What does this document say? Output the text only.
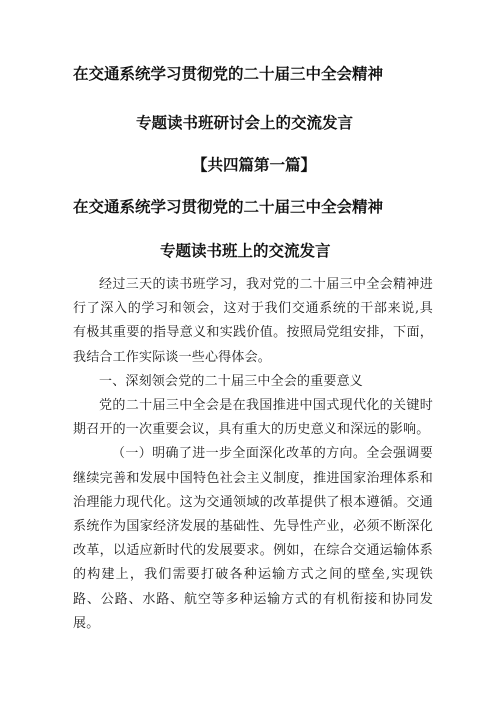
在交通系统学习贯彻党的二十届三中全会精神
专题读书班研讨会上的交流发言
【共四篇第一篇】
在交通系统学习贯彻党的二十届三中全会精神
专题读书班上的交流发言

经过三天的读书班学习，我对党的二十届三中全会精神进行了深入的学习和领会，这对于我们交通系统的干部来说,具有极其重要的指导意义和实践价值。按照局党组安排，下面，我结合工作实际谈一些心得体会。

一、深刻领会党的二十届三中全会的重要意义

党的二十届三中全会是在我国推进中国式现代化的关键时期召开的一次重要会议，具有重大的历史意义和深远的影响。

（一）明确了进一步全面深化改革的方向。全会强调要继续完善和发展中国特色社会主义制度，推进国家治理体系和治理能力现代化。这为交通领域的改革提供了根本遵循。交通系统作为国家经济发展的基础性、先导性产业，必须不断深化改革，以适应新时代的发展要求。例如，在综合交通运输体系的构建上，我们需要打破各种运输方式之间的壁垒,实现铁路、公路、水路、航空等多种运输方式的有机衔接和协同发展。
